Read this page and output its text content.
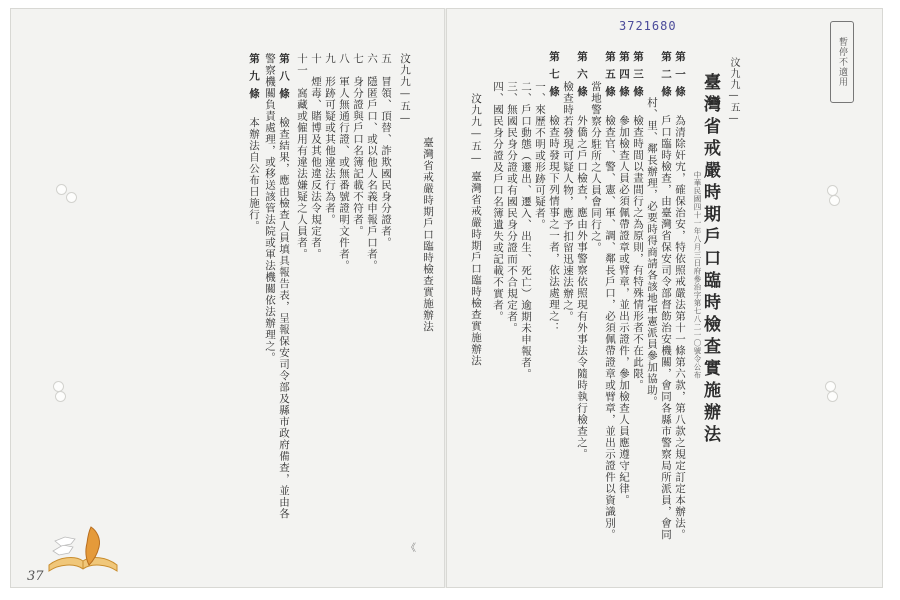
汶九九—五—
臺灣省戒嚴時期戶口臨時檢查實施辦法
五　冒領、頂替、詐欺國民身分證者。
六　隱匿戶口、或以他人名義申報戶口者。
七　身分證與戶口名簿記載不符者。
八　軍人無通行證、或無番號證明文件者。
九　形跡可疑或其他違法行為者。
十　煙毒、賭博及其他違反法令規定者。
十一　窩藏或僱用有違法嫌疑之人員者。
第八條　檢查結果，應由檢查人員填具報告表，呈報保安司令部及縣市政府備查，並由各
警察機關負責處理，或移送該管法院或軍法機關依法辦理之。
第九條　本辦法自公布日施行。
37
《
3721680
暫停不適用
汶九九—五—
臺灣省戒嚴時期戶口臨時檢查實施辦法
中華民國四十一年八月三日府參治字第七八二一〇號令公布
第一條　為清除奸宄，確保治安，特依照戒嚴法第十一條第六款，第八款之規定訂定本辦法。
第二條　戶口臨時檢查，由臺灣省保安司令部督飭治安機關，會同各縣市警察局所派員，會同
村、里、鄰長辦理，必要時得商請各該地軍憲派員參加協助。
第三條　檢查時間以晝間行之為原則，有特殊情形者不在此限。
第四條　參加檢查人員必須佩帶證章或臂章，並出示證件，參加檢查人員應遵守紀律。
第五條　檢查官、警、憲、軍、調、鄰長戶口，必須佩帶證章或臂章，並出示證件以資識別。
當地警察分駐所之人員會同行之。
第六條　外僑之戶口檢查，應由外事警察依照現有外事法令隨時執行檢查之。
檢查時若發現可疑人物，應予扣留迅速法辦之。
第七條　檢查時發現下列情事之一者，依法處理之：
一、來歷不明或形跡可疑者。
二、戶口動態（遷出、遷入、出生、死亡）逾期未申報者。
三、無國民身分證或有國民身分證而不合規定者。
四、國民身分證及戶口名簿遺失或記載不實者。
汶九九—五—
臺灣省戒嚴時期戶口臨時檢查實施辦法
